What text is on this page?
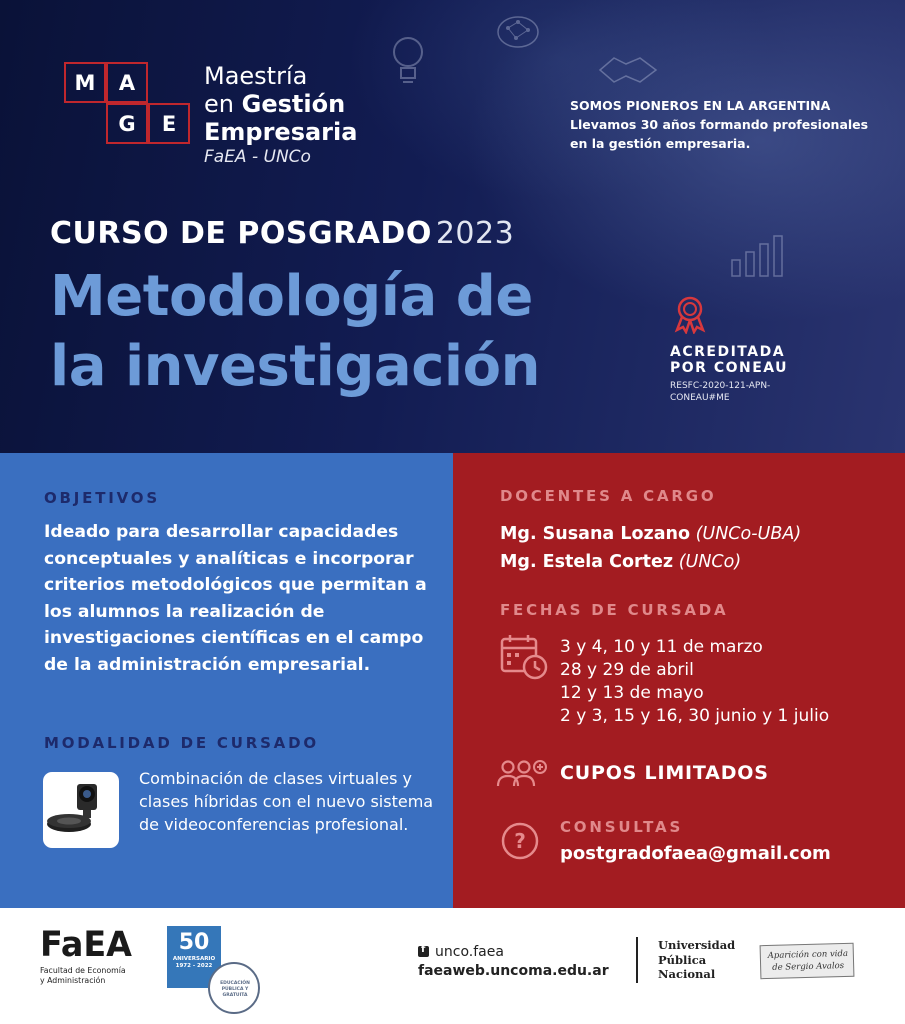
M	A
G	E
Maestría
en Gestión
Empresaria
FaEA - UNCo
SOMOS PIONEROS EN LA ARGENTINA
Llevamos 30 años formando profesionales
en la gestión empresaria.
CURSO DE POSGRADO 2023
Metodología de
la investigación	ACREDITADA
POR CONEAU
RESFC-2020-121-APN-
CONEAU#ME
OBJETIVOS
Ideado para desarrollar capacidades conceptuales y analíticas e incorporar criterios metodológicos que permitan a los alumnos la realización de investigaciones científicas en el campo de la administración empresarial.
MODALIDAD DE CURSADO
Combinación de clases virtuales y clases híbridas con el nuevo sistema de videoconferencias profesional.
DOCENTES A CARGO
Mg. Susana Lozano (UNCo-UBA)
Mg. Estela Cortez (UNCo)
FECHAS DE CURSADA
3 y 4, 10 y 11 de marzo
28 y 29 de abril
12 y 13 de mayo
2 y 3, 15 y 16, 30 junio y 1 julio
CUPOS LIMITADOS
?
CONSULTAS
postgradofaea@gmail.com
FaEA
Facultad de Economía
y Administración
50
ANIVERSARIO
1972 - 2022
EDUCACIÓN PÚBLICA Y GRATUITA
funco.faea
faeaweb.uncoma.edu.ar
Universidad
Pública
Nacional
Aparición con vida
de Sergio Avalos
